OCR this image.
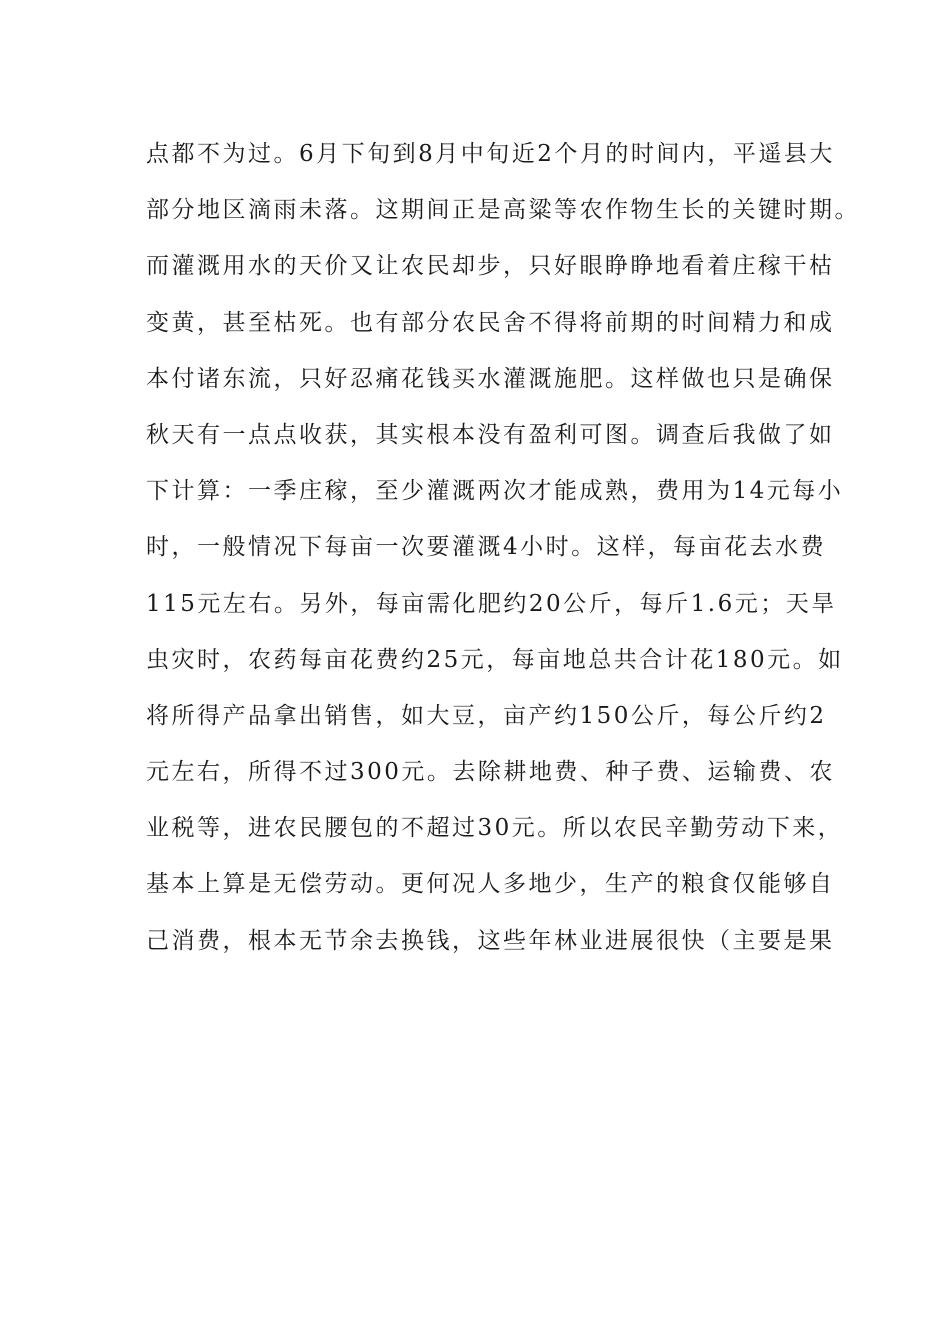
点都不为过。6月下旬到8月中旬近2个月的时间内，平遥县大
部分地区滴雨未落。这期间正是高粱等农作物生长的关键时期。
而灌溉用水的天价又让农民却步，只好眼睁睁地看着庄稼干枯
变黄，甚至枯死。也有部分农民舍不得将前期的时间精力和成
本付诸东流，只好忍痛花钱买水灌溉施肥。这样做也只是确保
秋天有一点点收获，其实根本没有盈利可图。调查后我做了如
下计算：一季庄稼，至少灌溉两次才能成熟，费用为14元每小
时，一般情况下每亩一次要灌溉4小时。这样，每亩花去水费
115元左右。另外，每亩需化肥约20公斤，每斤1.6元；天旱
虫灾时，农药每亩花费约25元，每亩地总共合计花180元。如
将所得产品拿出销售，如大豆，亩产约150公斤，每公斤约2
元左右，所得不过300元。去除耕地费、种子费、运输费、农
业税等，进农民腰包的不超过30元。所以农民辛勤劳动下来，
基本上算是无偿劳动。更何况人多地少，生产的粮食仅能够自
己消费，根本无节余去换钱，这些年林业进展很快（主要是果
